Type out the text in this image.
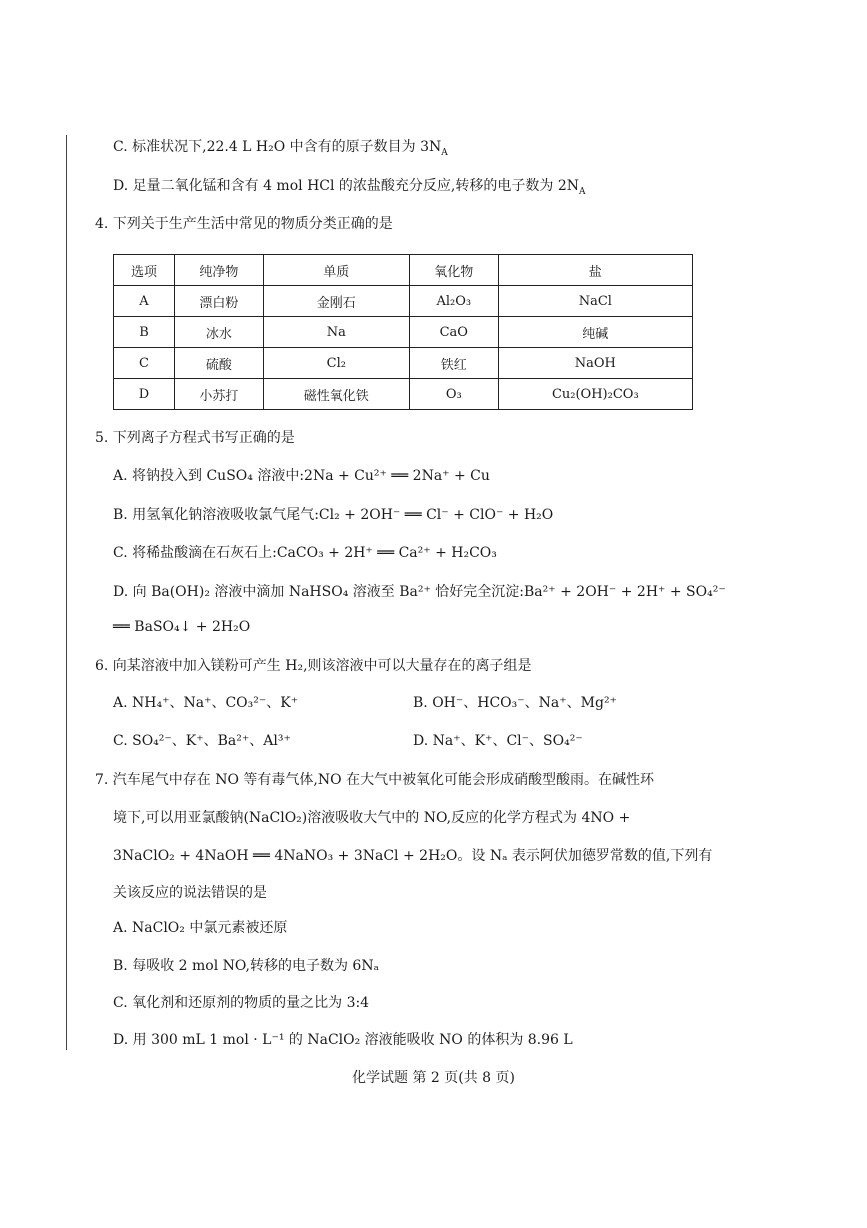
C. 标准状况下,22.4 L H₂O 中含有的原子数目为 $3N_A$
D. 足量二氧化锰和含有 4 mol HCl 的浓盐酸充分反应,转移的电子数为 $2N_A$
4. 下列关于生产生活中常见的物质分类正确的是
选项	纯净物	单质	氧化物	盐
A	漂白粉	金刚石	Al₂O₃	NaCl
B	冰水	Na	CaO	纯碱
C	硫酸	Cl₂	铁红	NaOH
D	小苏打	磁性氧化铁	O₃	Cu₂(OH)₂CO₃
5. 下列离子方程式书写正确的是
A. 将钠投入到 CuSO₄ 溶液中:2Na + Cu²⁺ ══ 2Na⁺ + Cu
B. 用氢氧化钠溶液吸收氯气尾气:Cl₂ + 2OH⁻ ══ Cl⁻ + ClO⁻ + H₂O
C. 将稀盐酸滴在石灰石上:CaCO₃ + 2H⁺ ══ Ca²⁺ + H₂CO₃
D. 向 Ba(OH)₂ 溶液中滴加 NaHSO₄ 溶液至 Ba²⁺ 恰好完全沉淀:Ba²⁺ + 2OH⁻ + 2H⁺ + SO₄²⁻
══ BaSO₄↓ + 2H₂O
6. 向某溶液中加入镁粉可产生 H₂,则该溶液中可以大量存在的离子组是
A. NH₄⁺、Na⁺、CO₃²⁻、K⁺	B. OH⁻、HCO₃⁻、Na⁺、Mg²⁺
C. SO₄²⁻、K⁺、Ba²⁺、Al³⁺	D. Na⁺、K⁺、Cl⁻、SO₄²⁻
7. 汽车尾气中存在 NO 等有毒气体,NO 在大气中被氧化可能会形成硝酸型酸雨。在碱性环
境下,可以用亚氯酸钠(NaClO₂)溶液吸收大气中的 NO,反应的化学方程式为 4NO +
3NaClO₂ + 4NaOH ══ 4NaNO₃ + 3NaCl + 2H₂O。设 Nₐ 表示阿伏加德罗常数的值,下列有
关该反应的说法错误的是
A. NaClO₂ 中氯元素被还原
B. 每吸收 2 mol NO,转移的电子数为 6Nₐ
C. 氧化剂和还原剂的物质的量之比为 3:4
D. 用 300 mL 1 mol · L⁻¹ 的 NaClO₂ 溶液能吸收 NO 的体积为 8.96 L
化学试题 第 2 页(共 8 页)
